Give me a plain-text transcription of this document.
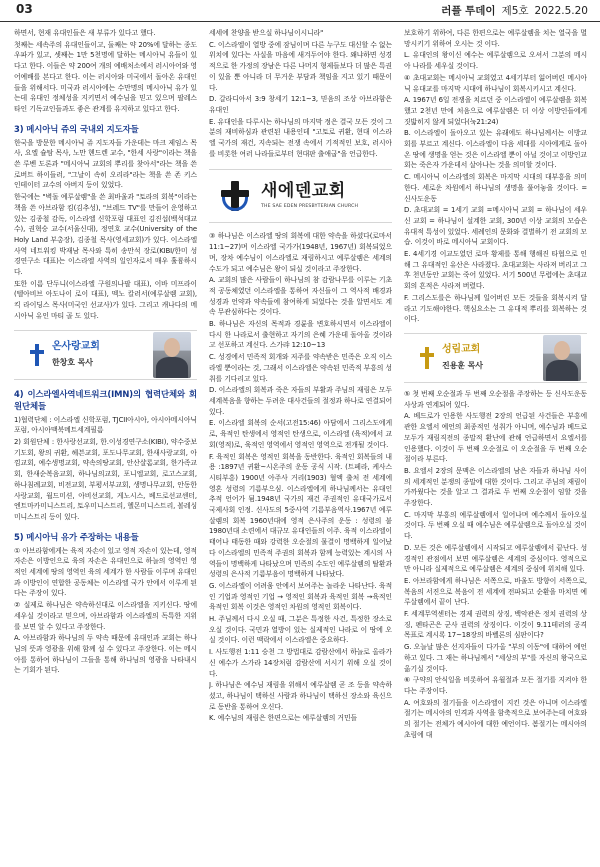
03	러플 투데이 제5호 2022.5.20

하면서, 현재 유대인들은 새 부류가 있다고 했다.

첫째는 세속주의 유대인들이고, 둘째는 약 20%에 달하는 종도우파가 있고, 셋째는 1만 5천명에 달하는 메시아닉 유들이 있다고 한다. 이들은 약 200여 개의 예배처소에서 러시아어와 영어예배를 본다고 한다. 이는 러시아와 미국에서 돌아온 유대인들을 위해서다. 미국과 러시아에는 수만명의 메시아닉 유가 있는데 유대인 정체성을 지키면서 예수님을 믿고 있으며 팔레스타인 기독교인들과도 좋은 관계를 유지하고 있다고 한다.

3) 메시아닉 쥬의 국내외 지도자들

한국을 방문한 메시아닉 쥬 지도자들 가운데는 마크 제임스 목사, 요엘 슐탐 목사, 노만 헨드렌 교수, "한세 사랑"이라는 책을 쓴 루벤 도론과 "메시아닉 교회의 뿌리를 찾아서"라는 책을 쓴 로버트 하이들러, "그날이 속히 오리라"라는 책을 쓴 존 키스 인테이터 교수의 아버지 등이 있었다.

한국에는 "벽돌 예루살렘"을 쓴 최바울과 "토라의 회복"이라는 책을 쓴 아브라함 킴(김추성), "브레드 TV"를 만들어 운영하고 있는 김종철 감독, 이스라엘 신학포럼 대표인 김진섭(백석대교수), 권혁승 교수(서울신대), 정연호 교수(University of the Holy Land 부총장), 김종철 목사(영세교회)가 있다. 이스라엘 사역 네트워킹 박재남 목사와 특히 송만석 장로(KIBI/한미 성경연구소 대표)는 이스라엘 사역의 일인자로서 매우 훌륭하시다.

또한 이름 단두니(이스라엘 구원의나팔 대표), 이바 미프라이(텔아비브 아도나이 로이 대표), 멕노 칼러서(예루살렘 교회), 킥 라이딩스 목사(미국인 선교사)가 있다. 그리고 캐나다의 메시아닉 유인 마티 골 도 있다.

온사랑교회
한창호 목사
4) 이스라엘사역네트워크(IMN)의 협력단체와 회원단체들

1)협력단체 : 이스라엘 신학포럼, TJCII아시아, 아시아메시아닉포럼, 아시아맥북메트세계필름

2) 회원단체 : 한사랑선교회, 한.이성경연구소(KIBI), 약수중보기도회, 왕의 귀환, 헤븐교회, 포도나무교회, 한새사랑교회, 아낌교회, 예수생명교회, 약속의땅교회, 안산샬롬교회, 한가족교회, 한새순복음교회, 하나님의교회, 포니엘교회, 로고스교회, 하나침례교회, 비전교회, 부평서부교회, 생명나무교회, 안동한사랑교회, 월드미션, 아비선교회, 게노시스, 베드로선교센터, 엔트마카미니스트리, 토우미니스트리, 헬몬미니스트리, 볼레싱미니스트리 등이 있다.

5) 메시아닉 유가 주장하는 내용들

① 아브라함에게는 육적 자손이 있고 영적 자손이 있는데, 영적 자손은 이방인으로 육의 자손은 유대인으로 하늘의 영역인 영적인 세계에 땅의 영역인 육의 세계가 한 사람들 이루며 유대인과 이방인이 연합한 공동체는 이스라엘 국가 안에서 이루게 된다는 주장이 있다.

② 실제로 하나님은 약속하신대로 이스라엘을 지키신다. 땅에 세우실 것이라고 믿으며, 아브라함과 이스라엘의 독특한 지위를 보면 알 수 있다고 주장한다.

A. 아브라함과 하나님의 두 약속 때문에 유대인과 교회는 하나님의 뜻과 영광을 위해 함께 설 수 있다고 주장한다. 이는 메시아를 통하여 하나님이 그들을 통해 하나님의 영광을 나타내시는 기회가 된다.

세세에 찬양을 받으실 하나님이시니라"

C. 이스라엘이 열방 중에 잠님이며 다른 누구도 대신할 수 없는 위치에 있다는 사실을 마음에 새겨두어야 한다. 왜냐하면 성경적으로 한 가정의 장남은 다른 나머지 형제들보다 더 많은 특권이 있을 뿐 아니라 더 무거운 부담과 책임을 지고 있기 때문이다.

D. 갈라디아서 3:9 창세기 12:1~3, 믿음의 조상 아브라함은 유대인

E. 유대인을 다루시는 하나님의 마지막 정은 결국 모든 것이 그분의 재비하심과 관련된 내용인데 "고토로 귀환, 현대 이스라엘 국가의 재건, 지속되는 전쟁 속에서 기적적인 보호, 러시아를 비롯한 여러 나라들로부터 현대판 출애굽"을 언급한다.

새에덴교회
THE SAE EDEN PRESBYTERIAN CHURCH

③ 하나님은 이스라엘 땅의 회복에 대한 약속을 하셨다(로마서 11:1~27)며 이스라엘 국가가(1948년, 1967년) 회복되었으며, 장차 예수님이 이스라엘로 재림하시고 예루살렘은 세계의 수도가 되고 예수님은 왕이 되실 것이라고 주장한다.

A. 교회의 많은 사람들이 하나님의 참 감람나무를 이루는 기초적 공동체였던 이스라엘을 통하여 자신들이 그 역사적 배경과 성경과 언약과 약속들에 참여하게 되었다는 것을 알면서도 계속 무관심하다는 것이다.

B. 하나님은 자신의 목적과 경륜을 변호하시면서 이스라엘이 다시 한 나라로서 출현하고 자기의 은혜 가운데 돌아올 것이라고 선포하고 계신다. 스가랴 12:10~13

C. 성경에서 민족적 회개와 저주를 약속받은 민족은 오직 이스라엘 뿐이라는 것, 그래서 이스라엘은 약속된 민족적 부흥의 성취를 기다리고 있다.

D. 이스라엘의 회복과 죽은 자들의 부활과 주님의 재림은 모두 세계복음을 향하는 두려운 대사건들의 절정과 하나로 연결되어 있다.

E. 이스라엘 회복의 순서(고전15:46) 아담에서 그리스도에게로, 육적인 탄생에서 영적인 탄생으로, 이스라엘 (육적)에서 교회(영적)로, 육적인 영역에서 영적인 영역으로 전개될 것이다.

F. 육적인 회복은 영적인 회복을 동반한다. 육적인 회복들의 내용 :1897년 귀환~시온주의 운동 공식 시작. (트페라, 케사스 시티부흥) 1900년 아주사 거리(1903) 혈액 출처 전 세계에 영혼 성령의 기름부으심. 이스라엘에게 하나님께서는 유대인 추적 언어가 됨.1948년 국가의 재건 주권적인 유대국가로서 국제사회 인정. 신사도의 5중사역 기름부음역사.1967년 예루살렘의 회복 1960년대에 영적 은사주의 운동 : 성령의 불 1980년대 소련에서 대규모 유대인들의 이주. 육적 이스라엘이 태어나 태동한 때와 강력한 오순절의 물결이 명백하게 일어났다 이스라엘의 민족적 주권의 회복과 함께 능력있는 계시의 사역들이 명백하게 나타났으며 민족의 수도인 예루살렘의 탈환과 성령의 은사적 기름부음이 명백하게 나타났다.

G. 이스라엘이 어려움 안에서 보여주는 놀라운 나타난다. 육적인 기업과 영적인 기업 → 영적인 회복과 육적인 회복 →육적인 육적인 회복 이것은 영적인 차원의 영적인 회복이다.

H. 주님께서 다시 오실 때, 그분은 특정한 사건, 특정한 장소로 오실 것이다. 국민과 열방이 있는 실제적인 나라로 이 땅에 오실 것이다. 이런 맥락에서 이스라엘은 중요하다.

I. 사도행전 1:11 승천 그 방법대로 감람산에서 하늘로 올라가신 예수가 스가라 14장처럼 감람산에 서시기 위해 오실 것이다.

J. 하나님은 예수님 재림을 위해서 예루살렘 곧 조 등을 약속하셨고, 하나님이 택하신 사람과 하나님이 택하신 장소와 육신으로 동반을 통하여 오신다.

K. 예수님의 재림은 한편으로는 예루살렘의 거민들

보호하기 위하여, 다른 한편으로는 예루살렘을 치는 열국을 멸망시키기 위하여 오시는 것 이다.

L. 유대인의 왕이신 예수는 예루살렘으로 오셔서 그분의 메시아 나라를 세우실 것이다.

④ 초대교회는 메시아닉 교회였고 4세기부터 잃어버린 메시아닉 유대교를 마지막 시대에 하나님이 회복시키시고 계신다.

A. 1967년 6일 전쟁을 치르던 중 이스라엘이 예루살렘을 회복했고 2천년 만에 처음으로 예루살렘은 더 이상 이방인들에게 짓밟히지 않게 되었다(눅21:24)

B. 이스라엘이 돌아오고 있는 유래에도 하나님께서는 이방교회를 부르고 계신다. 이스라엘이 다음 세대를 시아에게로 돌아온 땅에 생명을 얻는 것은 이스라엘 뿐이 아닐 것이고 이방인교회는 죽은자 가운데서 살아나는 것을 의미할 것이다.

C. 메시아닉 이스라엘의 회복은 마지막 시대의 대부흥을 의미한다. 세로운 차원에서 하나님의 생명을 풀어놓을 것이다. = 신사도운동

D. 초대교회 = 1세기 교회 =메시아닉 교회 = 하나님이 세우신 교회 = 하나님이 설계한 교회, 300년 이상 교회의 모습은 유대적 특성이 있었다. 세례인의 문화와 결별하기 전 교회의 모습. 이것이 바로 메시아닉 교회이다.

E. 4세기경 이교도였던 로마 황제를 통해 행해진 타협으로 인해 그 유대적인 유산은 사라졌다. 초대교회는 사라져 버리고 그후 천년동안 교회는 죽어 있었다. 서기 500년 무렵에는 초대교회의 흔적은 사라져 버렸다.

F. 그리스도를은 하나님께 일어버린 모든 것들을 회복시켜 달라고 기도해야한다. 핵심요소는 그 유대적 뿌리를 회복하는 것이다.

성림교회
진용훈 목사

⑤ 첫 번째 오순절과 두 번째 오순절을 주장하는 등 신사도운동 사상과 연계되어 있다.

A. 베드로가 인용한 사도행전 2장의 언급된 사건들은 부흥에 관한 요엘서 예언의 최종적인 성취가 아니며, 예수님과 베드로 모두가 재림직전의 종말적 환난에 관해 언급하면서 요엘서를 인용했다. 이것이 두 번째 오순절로 이 오순절을 두 번째 오순절이라 부른다.

B. 요엘서 2장의 문맥은 이스라엘의 남은 자들과 하나님 사이의 세계적인 분쟁의 종말에 대한 것이다. 그리고 주님의 재림이 가까웠다는 것을 알고 그 결과로 두 번째 오순절이 임할 것을 주장한다.

C. 마지막 부흥의 예루살렘에서 일어나며 예수께서 돌아오실 것이다. 두 번째 오실 때 예수님은 예루살렘으로 돌아오실 것이다.

D. 모든 것은 예루살렘에서 시작되고 예루살렘에서 끝난다. 성경적인 관점에서 보면 예루살렘은 세계의 중심이다. 영적으로만 아니라 실제적으로 예루살렘은 세계의 중심에 위치해 있다.

E. 아브라함에게 하나님은 서쪽으로, 바울도 방향이 서쪽으로, 복음의 서진으로 복음이 전 세계에 전파되고 순환을 마치면 예루살렘에서 끝이 난다.

F. 세계무역센터는 경제 권력의 상징, 백악관은 정치 권력의 상징, 펜타곤은 군사 권력의 상징이다. 이것이 9.11테러의 공격목표로 계시록 17~18장의 바벨론의 심판이다?

G. 오늘날 많은 선지자들이 다가올 "부의 이동"에 대하여 예언하고 있다. 그 재는 하나님께서 "세상의 부"를 자신의 왕국으로 옮기실 것이다.

⑥ 구약의 안식일을 비롯하여 유월절과 모든 절기를 지켜야 한다는 주장이다.

A. 여호와의 절기들을 이스라엘이 지킨 것은 아니며 이스라엘 절기는 메시아의 인격과 사역을 함축적으로 보여주는데 여호와의 절기는 전체가 예시아에 대한 예언이다. 봄절기는 메시아의 초림에 대
